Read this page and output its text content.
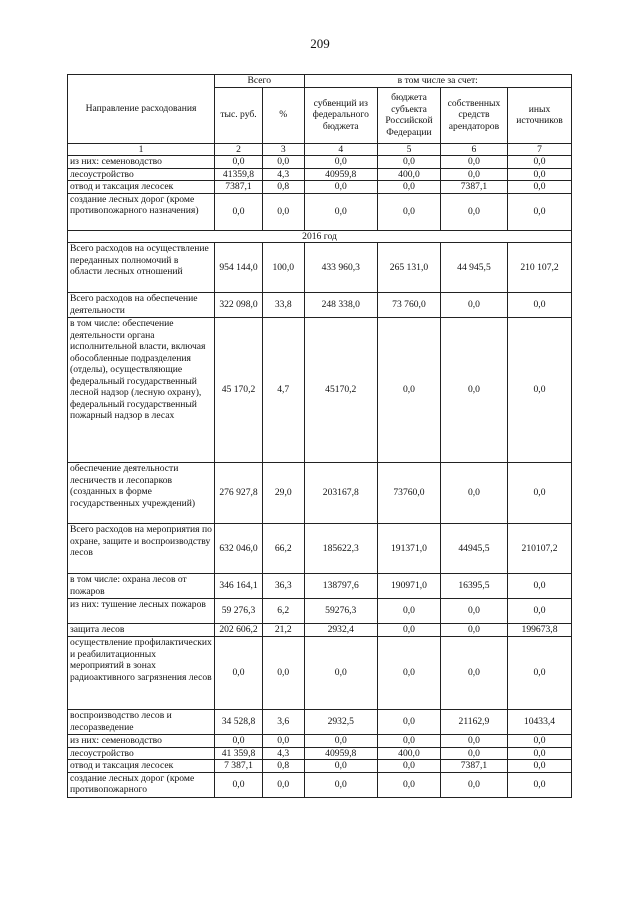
209
Направление расходования	Всего		в том числе за счет:			
	тыс. руб.	%	субвенций из федерального бюджета	бюджета субъекта Российской Федерации	собственных средств арендаторов	иных источников
1	2	3	4	5	6	7
из них: семеноводство	0,0	0,0	0,0	0,0	0,0	0,0
лесоустройство	41359,8	4,3	40959,8	400,0	0,0	0,0
отвод и таксация лесосек	7387,1	0,8	0,0	0,0	7387,1	0,0
создание лесных дорог (кроме противопожарного назначения)	0,0	0,0	0,0	0,0	0,0	0,0
2016 год						
Всего расходов на осуществление переданных полномочий в области лесных отношений	954 144,0	100,0	433 960,3	265 131,0	44 945,5	210 107,2
Всего расходов на обеспечение деятельности	322 098,0	33,8	248 338,0	73 760,0	0,0	0,0
в том числе: обеспечение деятельности органа исполнительной власти, включая обособленные подразделения (отделы), осуществляющие федеральный государственный лесной надзор (лесную охрану), федеральный государственный пожарный надзор в лесах	45 170,2	4,7	45170,2	0,0	0,0	0,0
обеспечение деятельности лесничеств и лесопарков (созданных в форме государственных учреждений)	276 927,8	29,0	203167,8	73760,0	0,0	0,0
Всего расходов на мероприятия по охране, защите и воспроизводству лесов	632 046,0	66,2	185622,3	191371,0	44945,5	210107,2
в том числе: охрана лесов от пожаров	346 164,1	36,3	138797,6	190971,0	16395,5	0,0
из них: тушение лесных пожаров	59 276,3	6,2	59276,3	0,0	0,0	0,0
защита лесов	202 606,2	21,2	2932,4	0,0	0,0	199673,8
осуществление профилактических и реабилитационных мероприятий в зонах радиоактивного загрязнения лесов	0,0	0,0	0,0	0,0	0,0	0,0
воспроизводство лесов и лесоразведение	34 528,8	3,6	2932,5	0,0	21162,9	10433,4
из них: семеноводство	0,0	0,0	0,0	0,0	0,0	0,0
лесоустройство	41 359,8	4,3	40959,8	400,0	0,0	0,0
отвод и таксация лесосек	7 387,1	0,8	0,0	0,0	7387,1	0,0
создание лесных дорог (кроме противопожарного	0,0	0,0	0,0	0,0	0,0	0,0
